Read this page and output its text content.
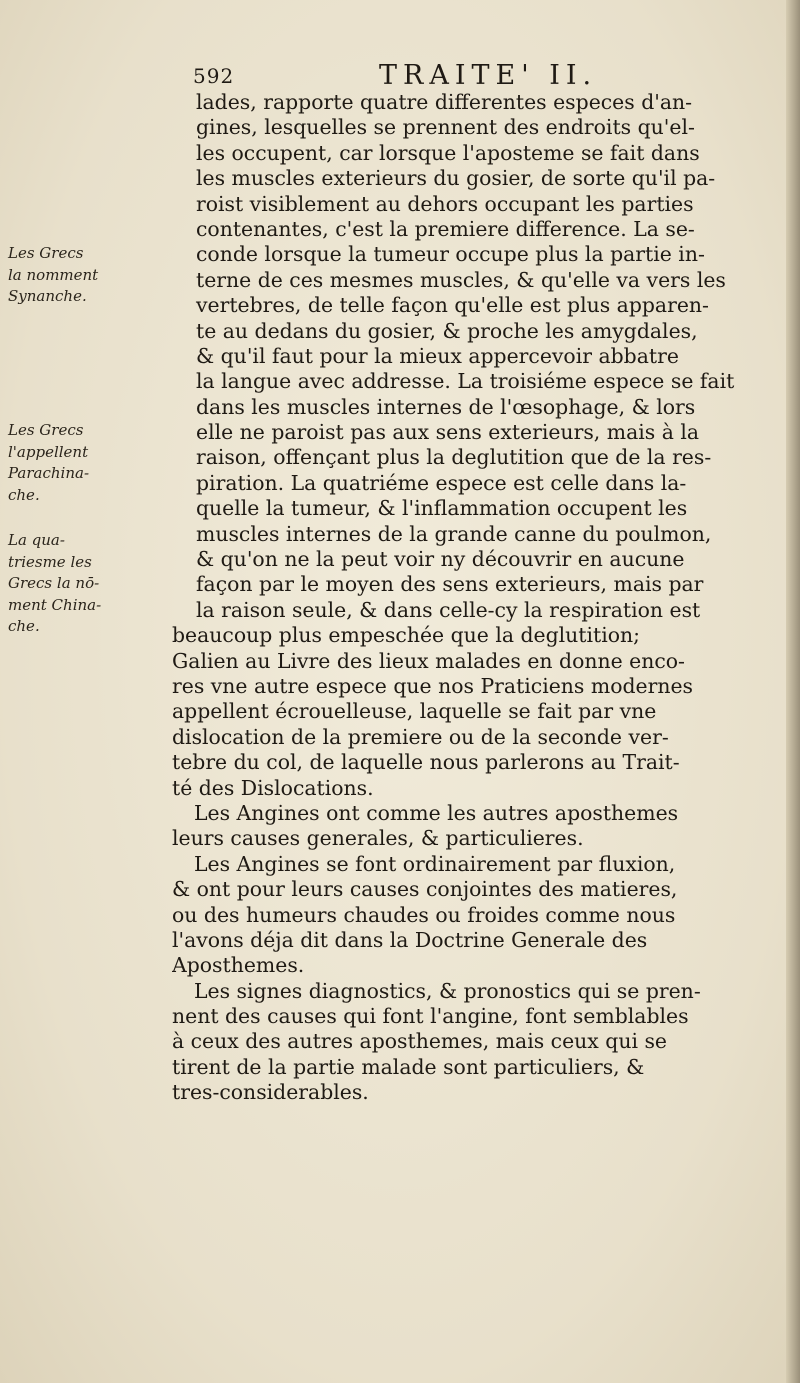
592	TRAITE' II.
Les Grecs
la nomment
Synanche.
Les Grecs
l'appellent
Parachina-
che.
La qua-
triesme les
Grecs la nō-
ment China-
che.
lades, rapporte quatre differentes especes d'an-
gines, lesquelles se prennent des endroits qu'el-
les occupent, car lorsque l'aposteme se fait dans
les muscles exterieurs du gosier, de sorte qu'il pa-
roist visiblement au dehors occupant les parties
contenantes, c'est la premiere difference. La se-
conde lorsque la tumeur occupe plus la partie in-
terne de ces mesmes muscles, & qu'elle va vers les
vertebres, de telle façon qu'elle est plus apparen-
te au dedans du gosier, & proche les amygdales,
& qu'il faut pour la mieux appercevoir abbatre
la langue avec addresse. La troisiéme espece se fait
dans les muscles internes de l'œsophage, & lors
elle ne paroist pas aux sens exterieurs, mais à la
raison, offençant plus la deglutition que de la res-
piration. La quatriéme espece est celle dans la-
quelle la tumeur, & l'inflammation occupent les
muscles internes de la grande canne du poulmon,
& qu'on ne la peut voir ny découvrir en aucune
façon par le moyen des sens exterieurs, mais par
la raison seule, & dans celle-cy la respiration est
beaucoup plus empeschée que la deglutition;
Galien au Livre des lieux malades en donne enco-
res vne autre espece que nos Praticiens modernes
appellent écrouelleuse, laquelle se fait par vne
dislocation de la premiere ou de la seconde ver-
tebre du col, de laquelle nous parlerons au Trait-
té des Dislocations.
Les Angines ont comme les autres aposthemes
leurs causes generales, & particulieres.
Les Angines se font ordinairement par fluxion,
& ont pour leurs causes conjointes des matieres,
ou des humeurs chaudes ou froides comme nous
l'avons déja dit dans la Doctrine Generale des
Aposthemes.
Les signes diagnostics, & pronostics qui se pren-
nent des causes qui font l'angine, font semblables
à ceux des autres aposthemes, mais ceux qui se
tirent de la partie malade sont particuliers, &
tres-considerables.
